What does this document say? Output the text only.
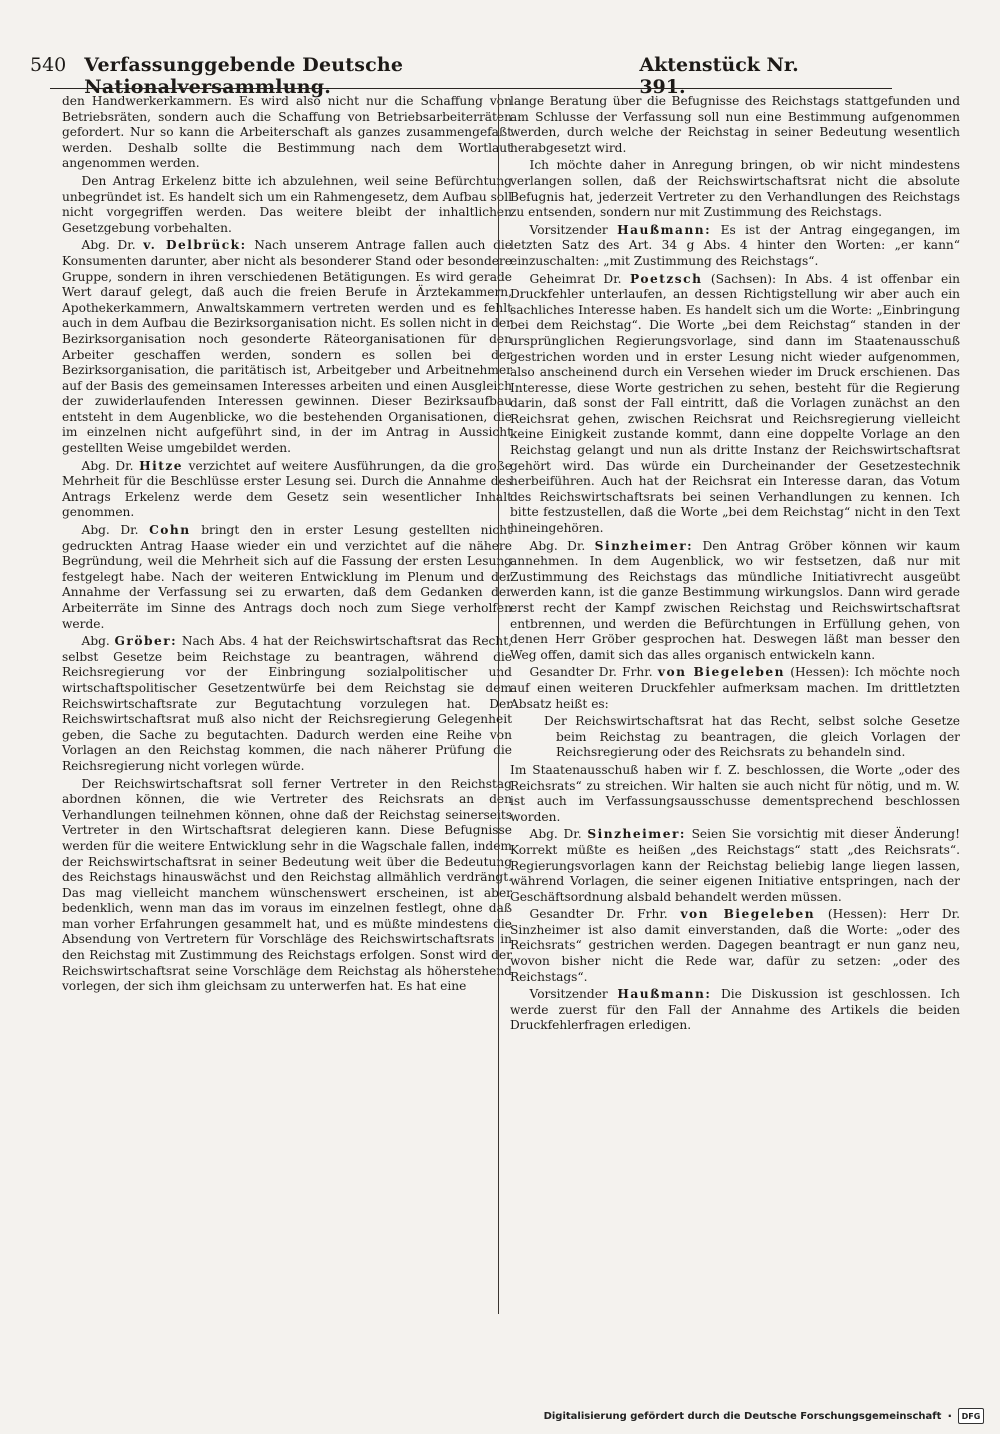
540 Verfassunggebende Deutsche Nationalversammlung.
Aktenstück Nr. 391.

den Handwerkerkammern. Es wird also nicht nur die Schaffung von Betriebsräten, sondern auch die Schaffung von Betriebsarbeiterräten gefordert. Nur so kann die Arbeiterschaft als ganzes zusammengefaßt werden. Deshalb sollte die Bestimmung nach dem Wortlaut angenommen werden.

Den Antrag Erkelenz bitte ich abzulehnen, weil seine Befürchtung unbegründet ist. Es handelt sich um ein Rahmengesetz, dem Aufbau soll nicht vorgegriffen werden. Das weitere bleibt der inhaltlichen Gesetzgebung vorbehalten.

Abg. Dr. v. Delbrück: Nach unserem Antrage fallen auch die Konsumenten darunter, aber nicht als besonderer Stand oder besondere Gruppe, sondern in ihren verschiedenen Betätigungen. Es wird gerade Wert darauf gelegt, daß auch die freien Berufe in Ärztekammern, Apothekerkammern, Anwaltskammern vertreten werden und es fehlt auch in dem Aufbau die Bezirksorganisation nicht. Es sollen nicht in der Bezirksorganisation noch gesonderte Räteorganisationen für den Arbeiter geschaffen werden, sondern es sollen bei der Bezirksorganisation, die paritätisch ist, Arbeitgeber und Arbeitnehmer auf der Basis des gemeinsamen Interesses arbeiten und einen Ausgleich der zuwiderlaufenden Interessen gewinnen. Dieser Bezirksaufbau entsteht in dem Augenblicke, wo die bestehenden Organisationen, die im einzelnen nicht aufgeführt sind, in der im Antrag in Aussicht gestellten Weise umgebildet werden.

Abg. Dr. Hitze verzichtet auf weitere Ausführungen, da die große Mehrheit für die Beschlüsse erster Lesung sei. Durch die Annahme des Antrags Erkelenz werde dem Gesetz sein wesentlicher Inhalt genommen.

Abg. Dr. Cohn bringt den in erster Lesung gestellten nicht gedruckten Antrag Haase wieder ein und verzichtet auf die nähere Begründung, weil die Mehrheit sich auf die Fassung der ersten Lesung festgelegt habe. Nach der weiteren Entwicklung im Plenum und der Annahme der Verfassung sei zu erwarten, daß dem Gedanken der Arbeiterräte im Sinne des Antrags doch noch zum Siege verholfen werde.

Abg. Gröber: Nach Abs. 4 hat der Reichswirtschaftsrat das Recht, selbst Gesetze beim Reichstage zu beantragen, während die Reichsregierung vor der Einbringung sozialpolitischer und wirtschaftspolitischer Gesetzentwürfe bei dem Reichstag sie dem Reichswirtschaftsrate zur Begutachtung vorzulegen hat. Der Reichswirtschaftsrat muß also nicht der Reichsregierung Gelegenheit geben, die Sache zu begutachten. Dadurch werden eine Reihe von Vorlagen an den Reichstag kommen, die nach näherer Prüfung die Reichsregierung nicht vorlegen würde.

Der Reichswirtschaftsrat soll ferner Vertreter in den Reichstag abordnen können, die wie Vertreter des Reichsrats an den Verhandlungen teilnehmen können, ohne daß der Reichstag seinerseits Vertreter in den Wirtschaftsrat delegieren kann. Diese Befugnisse werden für die weitere Entwicklung sehr in die Wagschale fallen, indem der Reichswirtschaftsrat in seiner Bedeutung weit über die Bedeutung des Reichstags hinauswächst und den Reichstag allmählich verdrängt. Das mag vielleicht manchem wünschenswert erscheinen, ist aber bedenklich, wenn man das im voraus im einzelnen festlegt, ohne daß man vorher Erfahrungen gesammelt hat, und es müßte mindestens die Absendung von Vertretern für Vorschläge des Reichswirtschaftsrats in den Reichstag mit Zustimmung des Reichstags erfolgen. Sonst wird der Reichswirtschaftsrat seine Vorschläge dem Reichstag als höherstehend vorlegen, der sich ihm gleichsam zu unterwerfen hat. Es hat eine

lange Beratung über die Befugnisse des Reichstags stattgefunden und am Schlusse der Verfassung soll nun eine Bestimmung aufgenommen werden, durch welche der Reichstag in seiner Bedeutung wesentlich herabgesetzt wird.

Ich möchte daher in Anregung bringen, ob wir nicht mindestens verlangen sollen, daß der Reichswirtschaftsrat nicht die absolute Befugnis hat, jederzeit Vertreter zu den Verhandlungen des Reichstags zu entsenden, sondern nur mit Zustimmung des Reichstags.

Vorsitzender Haußmann: Es ist der Antrag eingegangen, im letzten Satz des Art. 34 g Abs. 4 hinter den Worten: „er kann“ einzuschalten: „mit Zustimmung des Reichstags“.

Geheimrat Dr. Poetzsch (Sachsen): In Abs. 4 ist offenbar ein Druckfehler unterlaufen, an dessen Richtigstellung wir aber auch ein sachliches Interesse haben. Es handelt sich um die Worte: „Einbringung bei dem Reichstag“. Die Worte „bei dem Reichstag“ standen in der ursprünglichen Regierungsvorlage, sind dann im Staatenausschuß gestrichen worden und in erster Lesung nicht wieder aufgenommen, also anscheinend durch ein Versehen wieder im Druck erschienen. Das Interesse, diese Worte gestrichen zu sehen, besteht für die Regierung darin, daß sonst der Fall eintritt, daß die Vorlagen zunächst an den Reichsrat gehen, zwischen Reichsrat und Reichsregierung vielleicht keine Einigkeit zustande kommt, dann eine doppelte Vorlage an den Reichstag gelangt und nun als dritte Instanz der Reichswirtschaftsrat gehört wird. Das würde ein Durcheinander der Gesetzestechnik herbeiführen. Auch hat der Reichsrat ein Interesse daran, das Votum des Reichswirtschaftsrats bei seinen Verhandlungen zu kennen. Ich bitte festzustellen, daß die Worte „bei dem Reichstag“ nicht in den Text hineingehören.

Abg. Dr. Sinzheimer: Den Antrag Gröber können wir kaum annehmen. In dem Augenblick, wo wir festsetzen, daß nur mit Zustimmung des Reichstags das mündliche Initiativrecht ausgeübt werden kann, ist die ganze Bestimmung wirkungslos. Dann wird gerade erst recht der Kampf zwischen Reichstag und Reichswirtschaftsrat entbrennen, und werden die Befürchtungen in Erfüllung gehen, von denen Herr Gröber gesprochen hat. Deswegen läßt man besser den Weg offen, damit sich das alles organisch entwickeln kann.

Gesandter Dr. Frhr. von Biegeleben (Hessen): Ich möchte noch auf einen weiteren Druckfehler aufmerksam machen. Im drittletzten Absatz heißt es:

Der Reichswirtschaftsrat hat das Recht, selbst solche Gesetze beim Reichstag zu beantragen, die gleich Vorlagen der Reichsregierung oder des Reichsrats zu behandeln sind.

Im Staatenausschuß haben wir f. Z. beschlossen, die Worte „oder des Reichsrats“ zu streichen. Wir halten sie auch nicht für nötig, und m. W. ist auch im Verfassungsausschusse dementsprechend beschlossen worden.

Abg. Dr. Sinzheimer: Seien Sie vorsichtig mit dieser Änderung! Korrekt müßte es heißen „des Reichstags“ statt „des Reichsrats“. Regierungsvorlagen kann der Reichstag beliebig lange liegen lassen, während Vorlagen, die seiner eigenen Initiative entspringen, nach der Geschäftsordnung alsbald behandelt werden müssen.

Gesandter Dr. Frhr. von Biegeleben (Hessen): Herr Dr. Sinzheimer ist also damit einverstanden, daß die Worte: „oder des Reichsrats“ gestrichen werden. Dagegen beantragt er nun ganz neu, wovon bisher nicht die Rede war, dafür zu setzen: „oder des Reichstags“.

Vorsitzender Haußmann: Die Diskussion ist geschlossen. Ich werde zuerst für den Fall der Annahme des Artikels die beiden Druckfehlerfragen erledigen.

Digitalisierung gefördert durch die Deutsche Forschungsgemeinschaft ·	DFG
